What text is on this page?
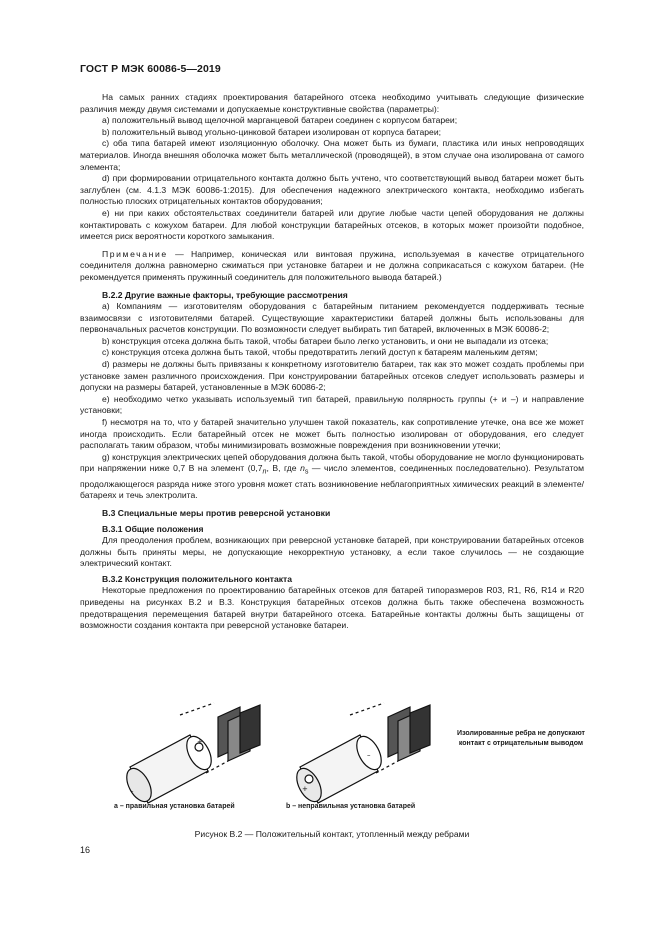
ГОСТ Р МЭК 60086-5—2019

На самых ранних стадиях проектирования батарейного отсека необходимо учитывать следующие физические различия между двумя системами и допускаемые конструктивные свойства (параметры):

a) положительный вывод щелочной марганцевой батареи соединен с корпусом батареи;

b) положительный вывод угольно-цинковой батареи изолирован от корпуса батареи;

c) оба типа батарей имеют изоляционную оболочку. Она может быть из бумаги, пластика или иных непроводящих материалов. Иногда внешняя оболочка может быть металлической (проводящей), в этом случае она изолирована от самого элемента;

d) при формировании отрицательного контакта должно быть учтено, что соответствующий вывод батареи может быть заглублен (см. 4.1.3 МЭК 60086-1:2015). Для обеспечения надежного электрического контакта, необходимо избегать полностью плоских отрицательных контактов оборудования;

e) ни при каких обстоятельствах соединители батарей или другие любые части цепей оборудования не должны контактировать с кожухом батареи. Для любой конструкции батарейных отсеков, в которых может произойти подобное, имеется риск вероятности короткого замыкания.

Примечание — Например, коническая или винтовая пружина, используемая в качестве отрицательного соединителя должна равномерно сжиматься при установке батареи и не должна соприкасаться с кожухом батареи. (Не рекомендуется применять пружинный соединитель для положительного вывода батарей.)

B.2.2 Другие важные факторы, требующие рассмотрения

a) Компаниям — изготовителям оборудования с батарейным питанием рекомендуется поддерживать тесные взаимосвязи с изготовителями батарей. Существующие характеристики батарей должны быть использованы для первоначальных расчетов конструкции. По возможности следует выбирать тип батарей, включенных в МЭК 60086-2;

b) конструкция отсека должна быть такой, чтобы батареи было легко установить, и они не выпадали из отсека;

c) конструкция отсека должна быть такой, чтобы предотвратить легкий доступ к батареям маленьким детям;

d) размеры не должны быть привязаны к конкретному изготовителю батареи, так как это может создать проблемы при установке замен различного происхождения. При конструировании батарейных отсеков следует использовать размеры и допуски на размеры батарей, установленные в МЭК 60086-2;

e) необходимо четко указывать используемый тип батарей, правильную полярность группы (+ и –) и направление установки;

f) несмотря на то, что у батарей значительно улучшен такой показатель, как сопротивление утечке, она все же может иногда происходить. Если батарейный отсек не может быть полностью изолирован от оборудования, его следует располагать таким образом, чтобы минимизировать возможные повреждения при возникновении утечки;

g) конструкция электрических цепей оборудования должна быть такой, чтобы оборудование не могло функционировать при напряжении ниже 0,7 В на элемент ($0,7_n$, В, где $n_s$ — число элементов, соединенных последовательно). Результатом продолжающегося разряда ниже этого уровня может стать возникновение неблагоприятных химических реакций в элементе/батареях и течь электролита.

B.3 Специальные меры против реверсной установки
B.3.1 Общие положения

Для преодоления проблем, возникающих при реверсной установке батарей, при конструировании батарейных отсеков должны быть приняты меры, не допускающие некорректную установку, а если такое случилось — не создающие электрический контакт.

B.3.2 Конструкция положительного контакта

Некоторые предложения по проектированию батарейных отсеков для батарей типоразмеров R03, R1, R6, R14 и R20 приведены на рисунках B.2 и B.3. Конструкция батарейных отсеков должна быть также обеспечена возможность предотвращения перемещения батарей внутри батарейного отсека. Батарейные контакты должны быть защищены от возможности создания контакта при реверсной установке батареи.

+
–
–
+
Изолированные ребра не допускают контакт с отрицательным выводом
a – правильная установка батарей	b – неправильная установка батарей
Рисунок B.2 — Положительный контакт, утопленный между ребрами
16
